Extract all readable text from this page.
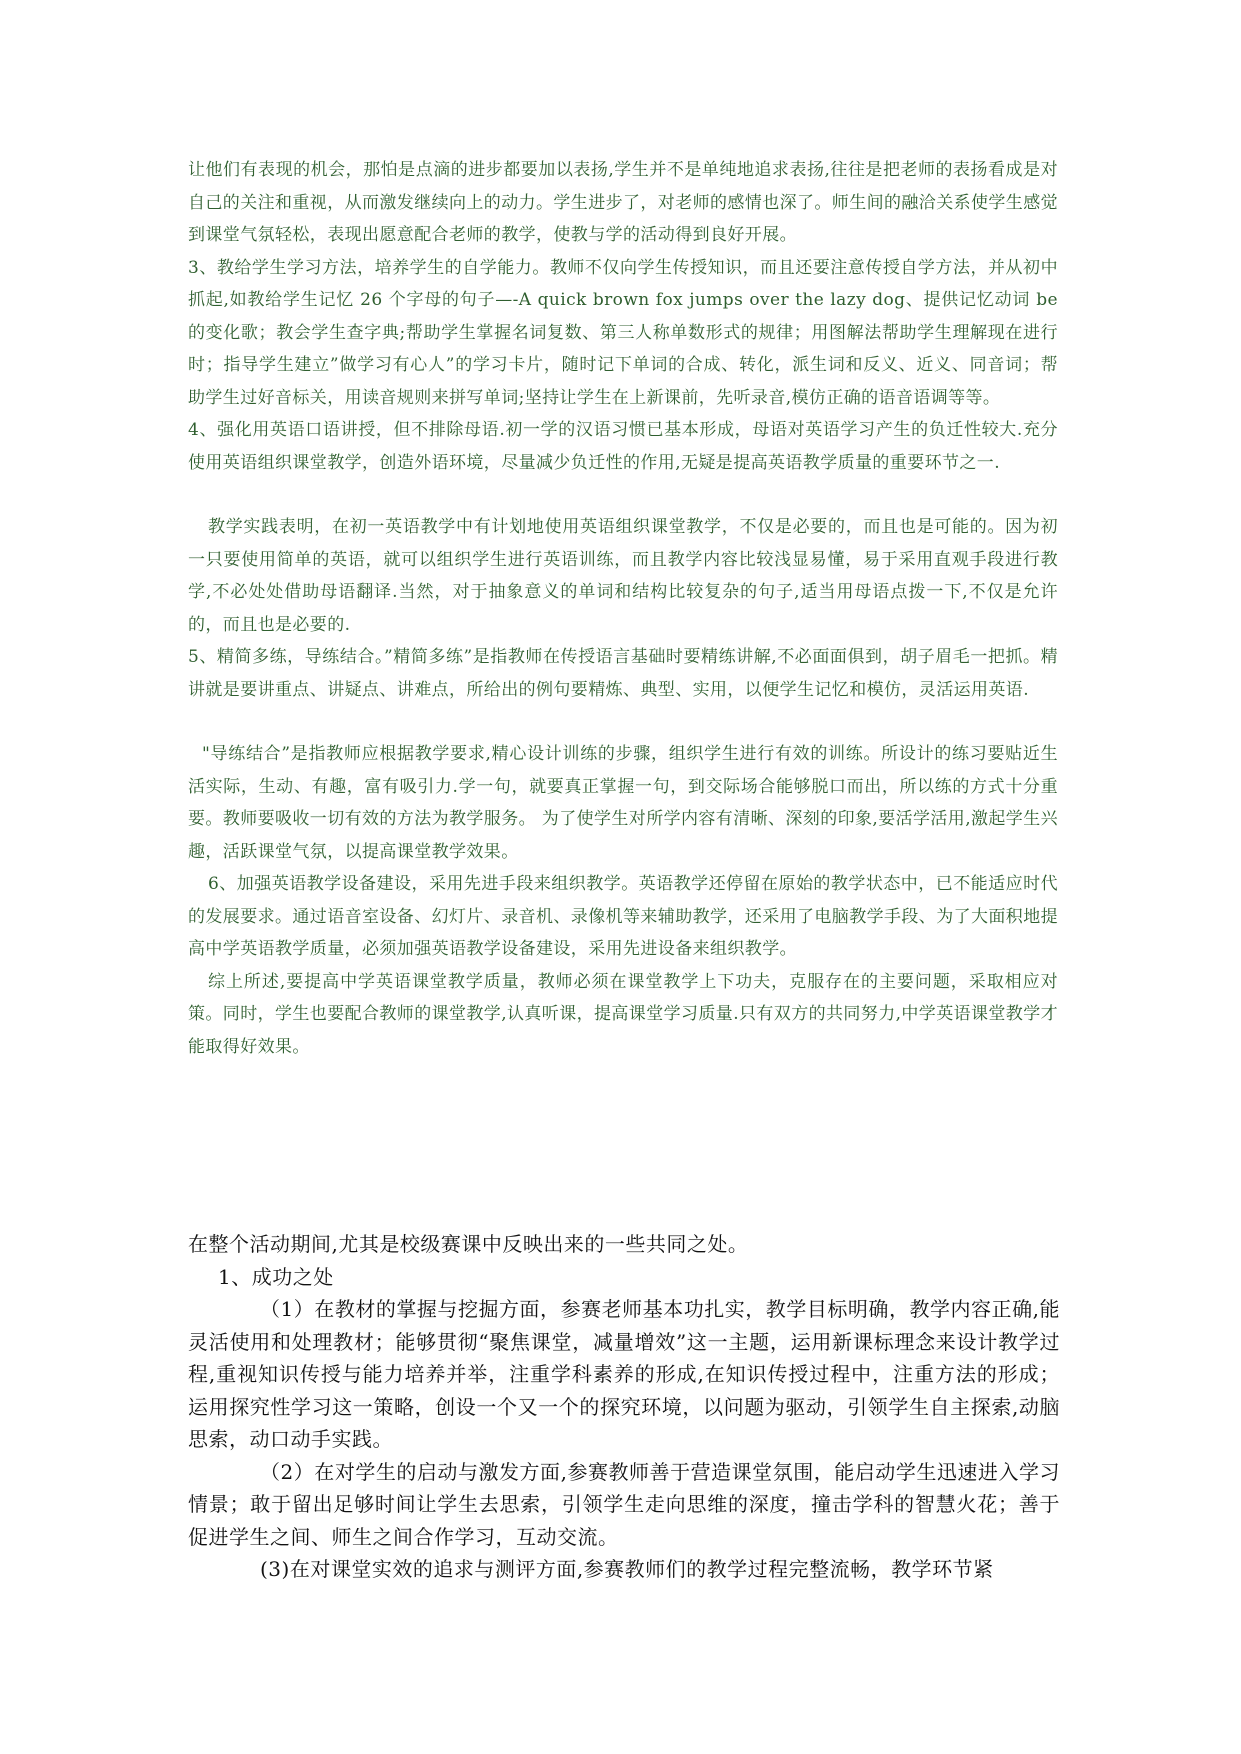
让他们有表现的机会，那怕是点滴的进步都要加以表扬,学生并不是单纯地追求表扬,往往是把老师的表扬看成是对自己的关注和重视，从而激发继续向上的动力。学生进步了，对老师的感情也深了。师生间的融洽关系使学生感觉到课堂气氛轻松，表现出愿意配合老师的教学，使教与学的活动得到良好开展。

3、教给学生学习方法，培养学生的自学能力。教师不仅向学生传授知识，而且还要注意传授自学方法，并从初中抓起,如教给学生记忆 26 个字母的句子—-A quick brown fox jumps over the lazy dog、提供记忆动词 be 的变化歌；教会学生查字典;帮助学生掌握名词复数、第三人称单数形式的规律；用图解法帮助学生理解现在进行时；指导学生建立”做学习有心人”的学习卡片，随时记下单词的合成、转化，派生词和反义、近义、同音词；帮助学生过好音标关，用读音规则来拼写单词;坚持让学生在上新课前，先听录音,模仿正确的语音语调等等。

4、强化用英语口语讲授，但不排除母语.初一学的汉语习惯已基本形成，母语对英语学习产生的负迁性较大.充分使用英语组织课堂教学，创造外语环境，尽量减少负迁性的作用,无疑是提高英语教学质量的重要环节之一.

教学实践表明，在初一英语教学中有计划地使用英语组织课堂教学，不仅是必要的，而且也是可能的。因为初一只要使用简单的英语，就可以组织学生进行英语训练，而且教学内容比较浅显易懂，易于采用直观手段进行教学,不必处处借助母语翻译.当然，对于抽象意义的单词和结构比较复杂的句子,适当用母语点拨一下,不仅是允许的，而且也是必要的.

5、精简多练，导练结合。”精简多练”是指教师在传授语言基础时要精练讲解,不必面面俱到，胡子眉毛一把抓。精讲就是要讲重点、讲疑点、讲难点，所给出的例句要精炼、典型、实用，以便学生记忆和模仿，灵活运用英语.

"导练结合”是指教师应根据教学要求,精心设计训练的步骤，组织学生进行有效的训练。所设计的练习要贴近生活实际，生动、有趣，富有吸引力.学一句，就要真正掌握一句，到交际场合能够脱口而出，所以练的方式十分重要。教师要吸收一切有效的方法为教学服务。 为了使学生对所学内容有清晰、深刻的印象,要活学活用,激起学生兴趣，活跃课堂气氛，以提高课堂教学效果。

6、加强英语教学设备建设，采用先进手段来组织教学。英语教学还停留在原始的教学状态中，已不能适应时代的发展要求。通过语音室设备、幻灯片、录音机、录像机等来辅助教学，还采用了电脑教学手段、为了大面积地提高中学英语教学质量，必须加强英语教学设备建设，采用先进设备来组织教学。

综上所述,要提高中学英语课堂教学质量，教师必须在课堂教学上下功夫，克服存在的主要问题，采取相应对策。同时，学生也要配合教师的课堂教学,认真听课，提高课堂学习质量.只有双方的共同努力,中学英语课堂教学才能取得好效果。

在整个活动期间,尤其是校级赛课中反映出来的一些共同之处。

1、成功之处

（1）在教材的掌握与挖掘方面，参赛老师基本功扎实，教学目标明确，教学内容正确,能灵活使用和处理教材；能够贯彻“聚焦课堂，减量增效”这一主题，运用新课标理念来设计教学过程,重视知识传授与能力培养并举，注重学科素养的形成,在知识传授过程中，注重方法的形成；运用探究性学习这一策略，创设一个又一个的探究环境，以问题为驱动，引领学生自主探索,动脑思索，动口动手实践。

（2）在对学生的启动与激发方面,参赛教师善于营造课堂氛围，能启动学生迅速进入学习情景；敢于留出足够时间让学生去思索，引领学生走向思维的深度，撞击学科的智慧火花；善于促进学生之间、师生之间合作学习，互动交流。

(3)在对课堂实效的追求与测评方面,参赛教师们的教学过程完整流畅，教学环节紧
